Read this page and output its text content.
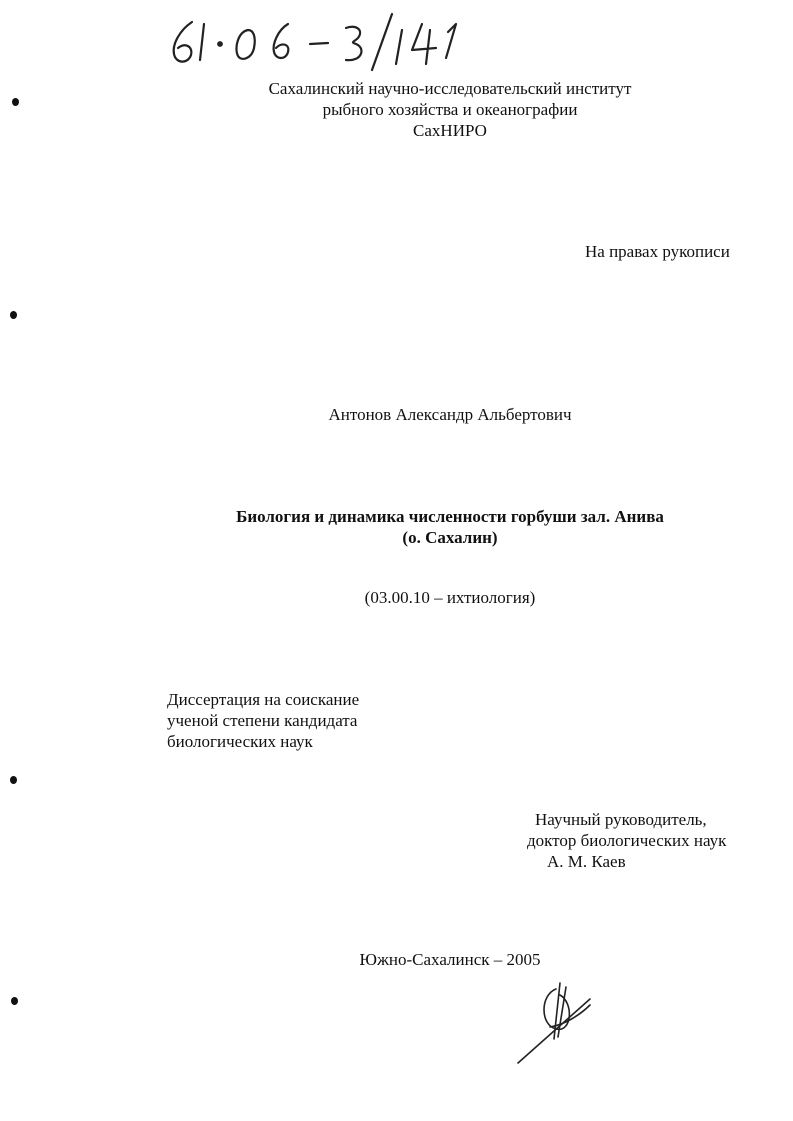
Сахалинский научно-исследовательский институт
рыбного хозяйства и океанографии
СахНИРО
На правах рукописи
Антонов Александр Альбертович
Биология и динамика численности горбуши зал. Анива
(о. Сахалин)
(03.00.10 – ихтиология)
Диссертация на соискание
ученой степени кандидата
биологических наук
Научный руководитель,
доктор биологических наук
А. М. Каев
Южно-Сахалинск – 2005
